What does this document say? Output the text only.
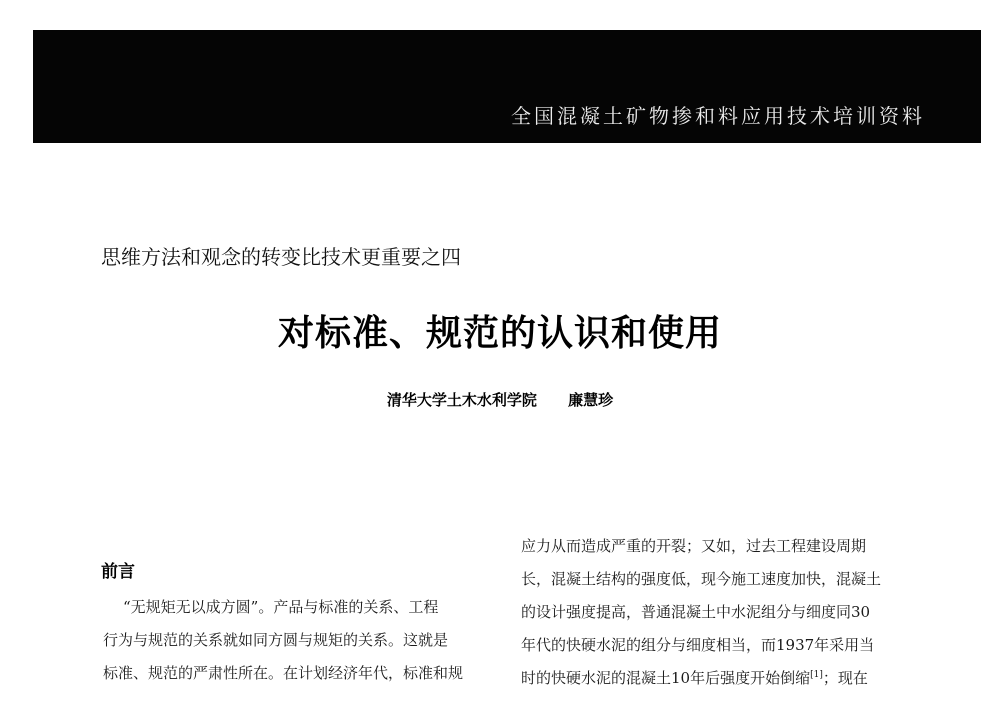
全国混凝土矿物掺和料应用技术培训资料
思维方法和观念的转变比技术更重要之四
对标准、规范的认识和使用
清华大学土木水利学院 廉慧珍
前言
“无规矩无以成方圆”。产品与标准的关系、工程
行为与规范的关系就如同方圆与规矩的关系。这就是
标准、规范的严肃性所在。在计划经济年代，标准和规
应力从而造成严重的开裂；又如，过去工程建设周期
长，混凝土结构的强度低，现今施工速度加快，混凝土
的设计强度提高，普通混凝土中水泥组分与细度同30
年代的快硬水泥的组分与细度相当，而1937年采用当
时的快硬水泥的混凝土10年后强度开始倒缩[1]；现在
